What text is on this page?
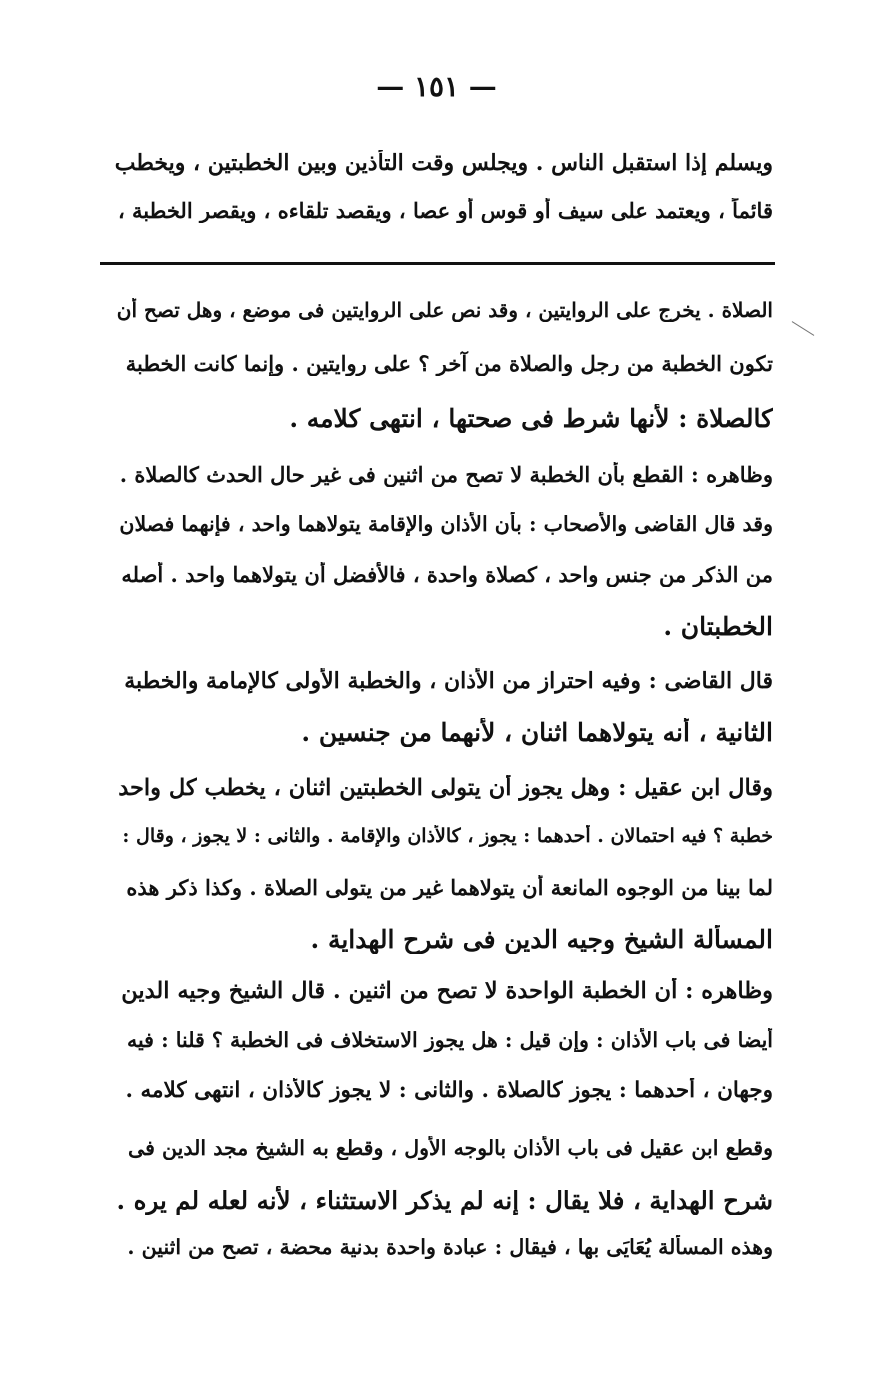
— ١٥١ —
ويسلم إذا استقبل الناس . ويجلس وقت التأذين وبين الخطبتين ، ويخطب
قائماً ، ويعتمد على سيف أو قوس أو عصا ، ويقصد تلقاءه ، ويقصر الخطبة ،
الصلاة . يخرج على الروايتين ، وقد نص على الروايتين فى موضع ، وهل تصح أن
تكون الخطبة من رجل والصلاة من آخر ؟ على روايتين . وإنما كانت الخطبة
كالصلاة : لأنها شرط فى صحتها ، انتهى كلامه .
وظاهره : القطع بأن الخطبة لا تصح من اثنين فى غير حال الحدث كالصلاة .
وقد قال القاضى والأصحاب : بأن الأذان والإقامة يتولاهما واحد ، فإنهما فصلان
من الذكر من جنس واحد ، كصلاة واحدة ، فالأفضل أن يتولاهما واحد . أصله
الخطبتان .
قال القاضى : وفيه احتراز من الأذان ، والخطبة الأولى كالإمامة والخطبة
الثانية ، أنه يتولاهما اثنان ، لأنهما من جنسين .
وقال ابن عقيل : وهل يجوز أن يتولى الخطبتين اثنان ، يخطب كل واحد
خطبة ؟ فيه احتمالان . أحدهما : يجوز ، كالأذان والإقامة . والثانى : لا يجوز ، وقال :
لما بينا من الوجوه المانعة أن يتولاهما غير من يتولى الصلاة . وكذا ذكر هذه
المسألة الشيخ وجيه الدين فى شرح الهداية .
وظاهره : أن الخطبة الواحدة لا تصح من اثنين . قال الشيخ وجيه الدين
أيضا فى باب الأذان : وإن قيل : هل يجوز الاستخلاف فى الخطبة ؟ قلنا : فيه
وجهان ، أحدهما : يجوز كالصلاة . والثانى : لا يجوز كالأذان ، انتهى كلامه .
وقطع ابن عقيل فى باب الأذان بالوجه الأول ، وقطع به الشيخ مجد الدين فى
شرح الهداية ، فلا يقال : إنه لم يذكر الاستثناء ، لأنه لعله لم يره .
وهذه المسألة يُعَايَى بها ، فيقال : عبادة واحدة بدنية محضة ، تصح من اثنين .
